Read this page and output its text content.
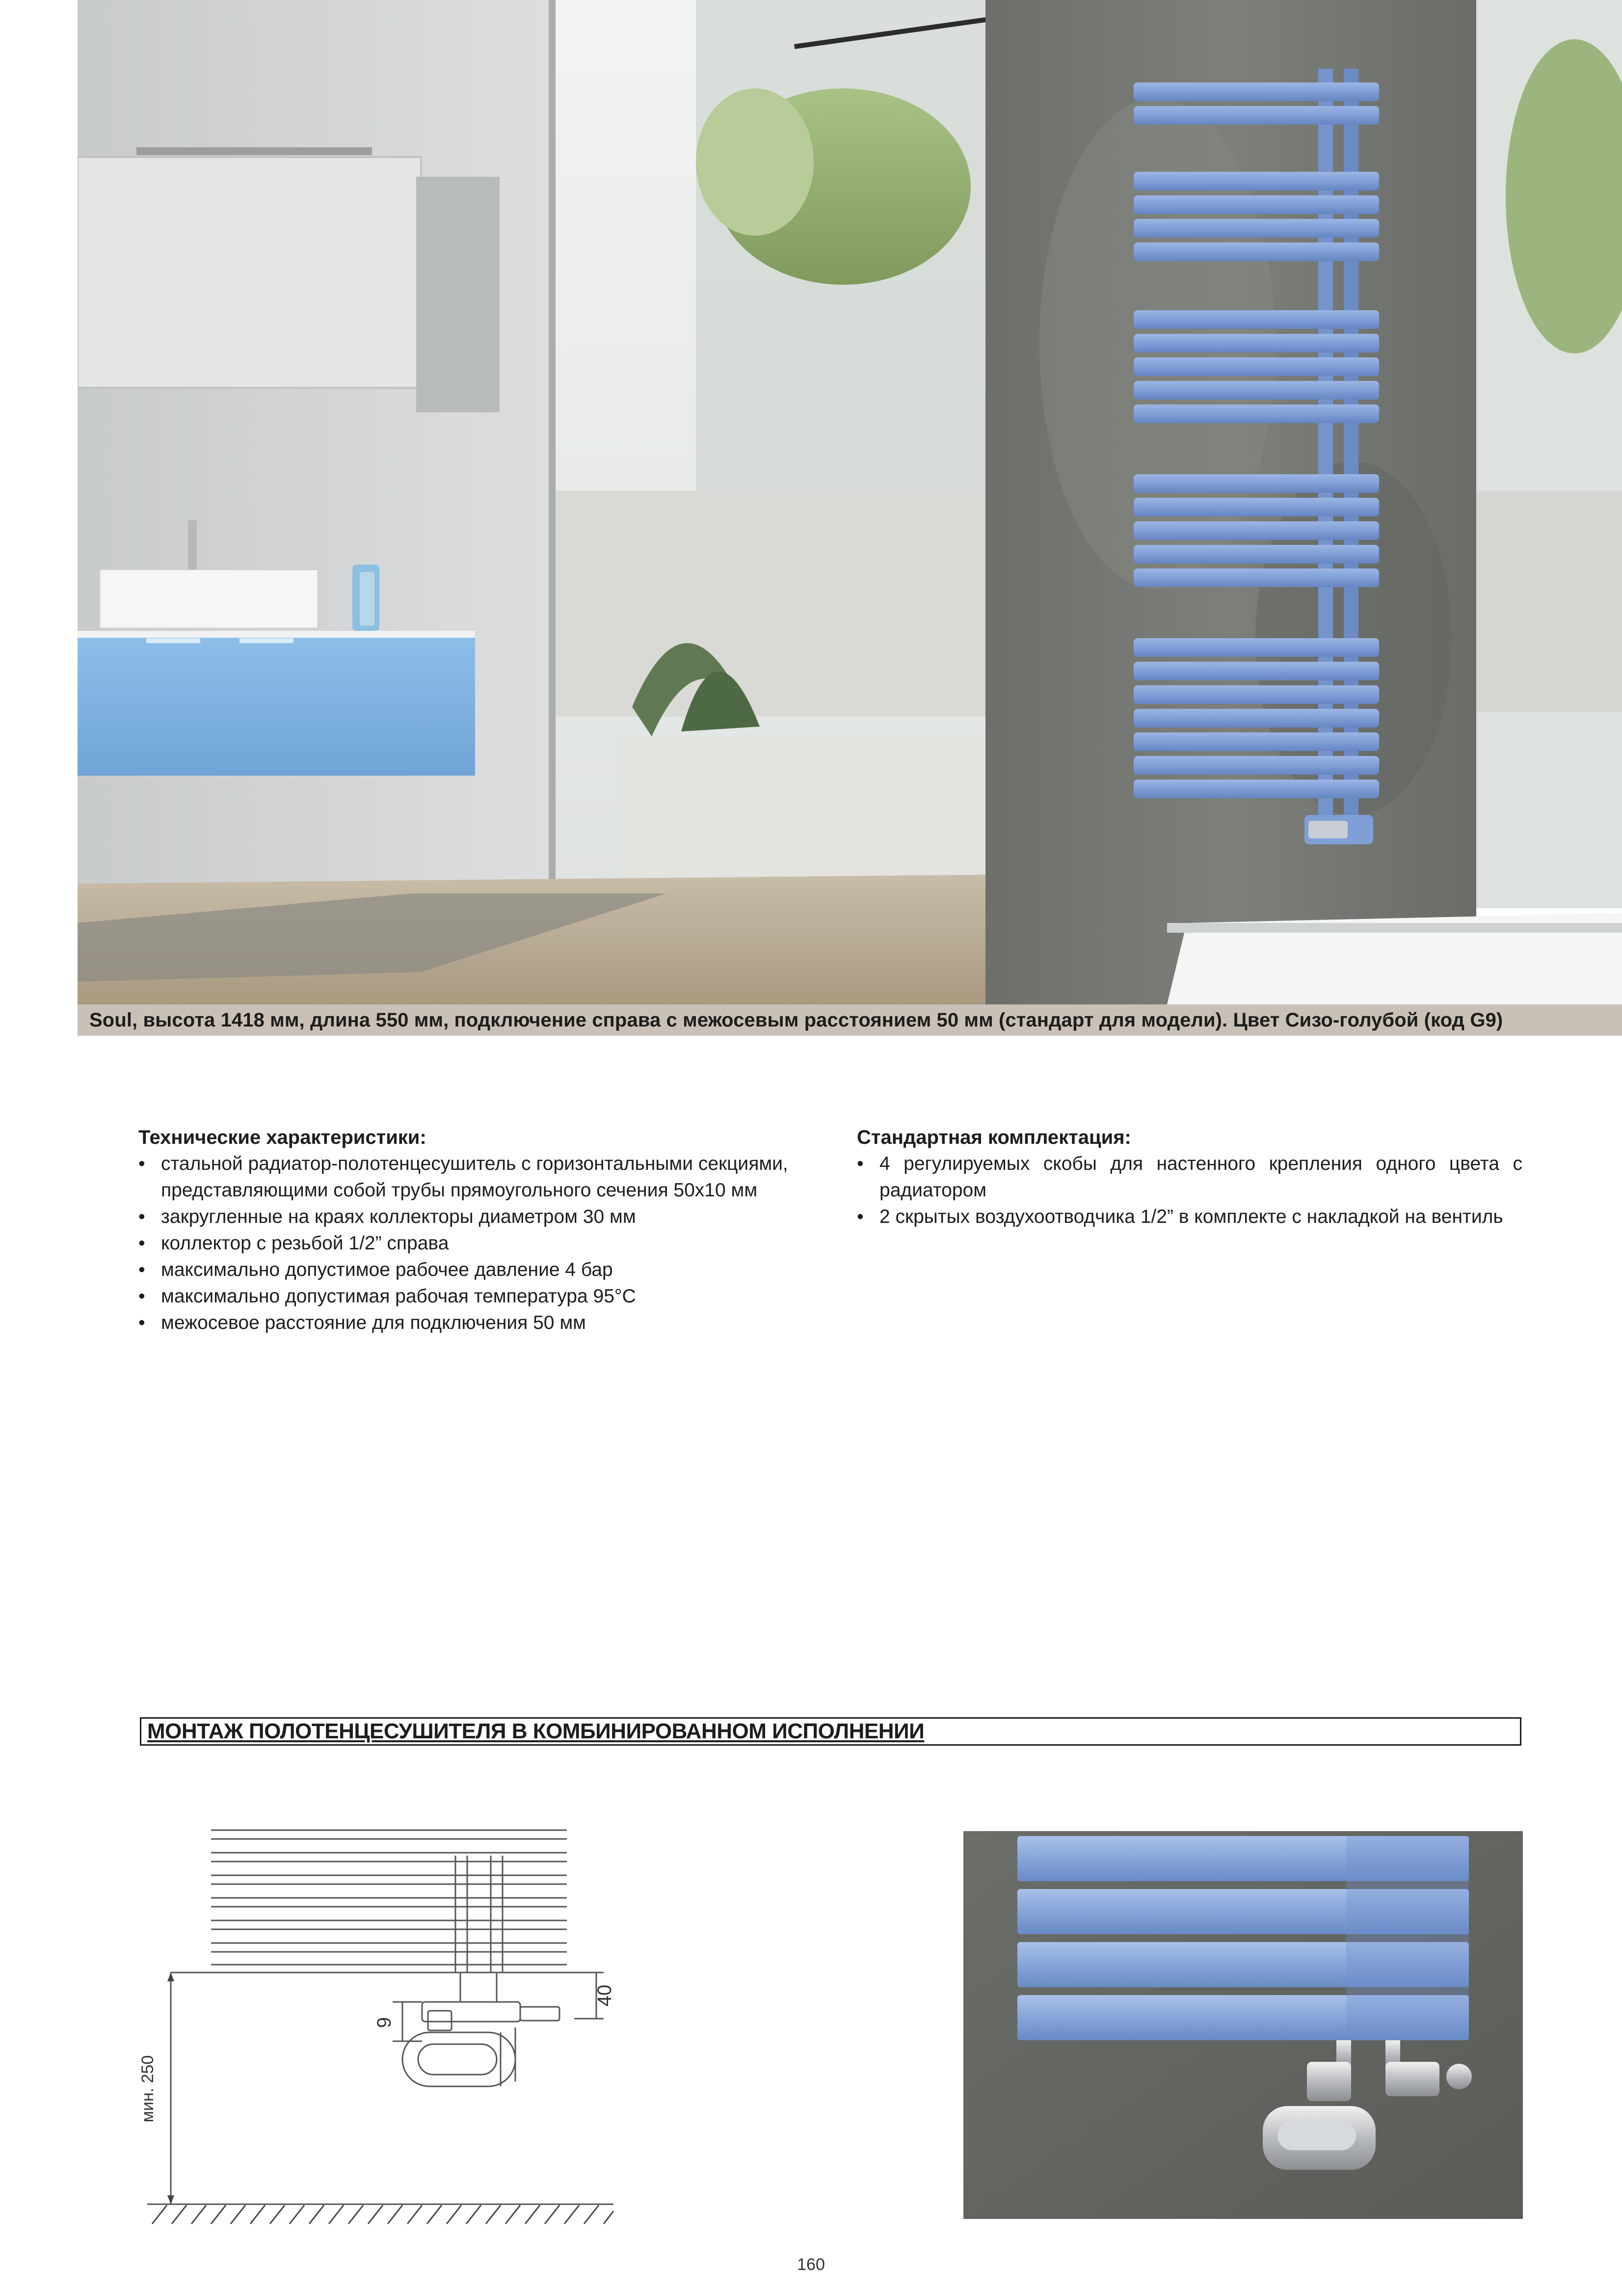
Soul, высота 1418 мм, длина 550 мм, подключение справа с межосевым расстоянием 50 мм (стандарт для модели). Цвет Сизо-голубой (код G9)
Технические характеристики:
• стальной радиатор-полотенцесушитель с горизонтальными секциями, представляющими собой трубы прямоугольного сечения 50х10 мм
• закругленные на краях коллекторы диаметром 30 мм
• коллектор с резьбой 1/2” справа
• максимально допустимое рабочее давление 4 бар
• максимально допустимая рабочая температура 95°C
• межосевое расстояние для подключения 50 мм
Стандартная комплектация:
• 4 регулируемых скобы для настенного крепления одного цвета с радиатором
• 2 скрытых воздухоотводчика 1/2” в комплекте с накладкой на вентиль
МОНТАЖ ПОЛОТЕНЦЕСУШИТЕЛЯ В КОМБИНИРОВАННОМ ИСПОЛНЕНИИ
мин. 250
40
9
160
